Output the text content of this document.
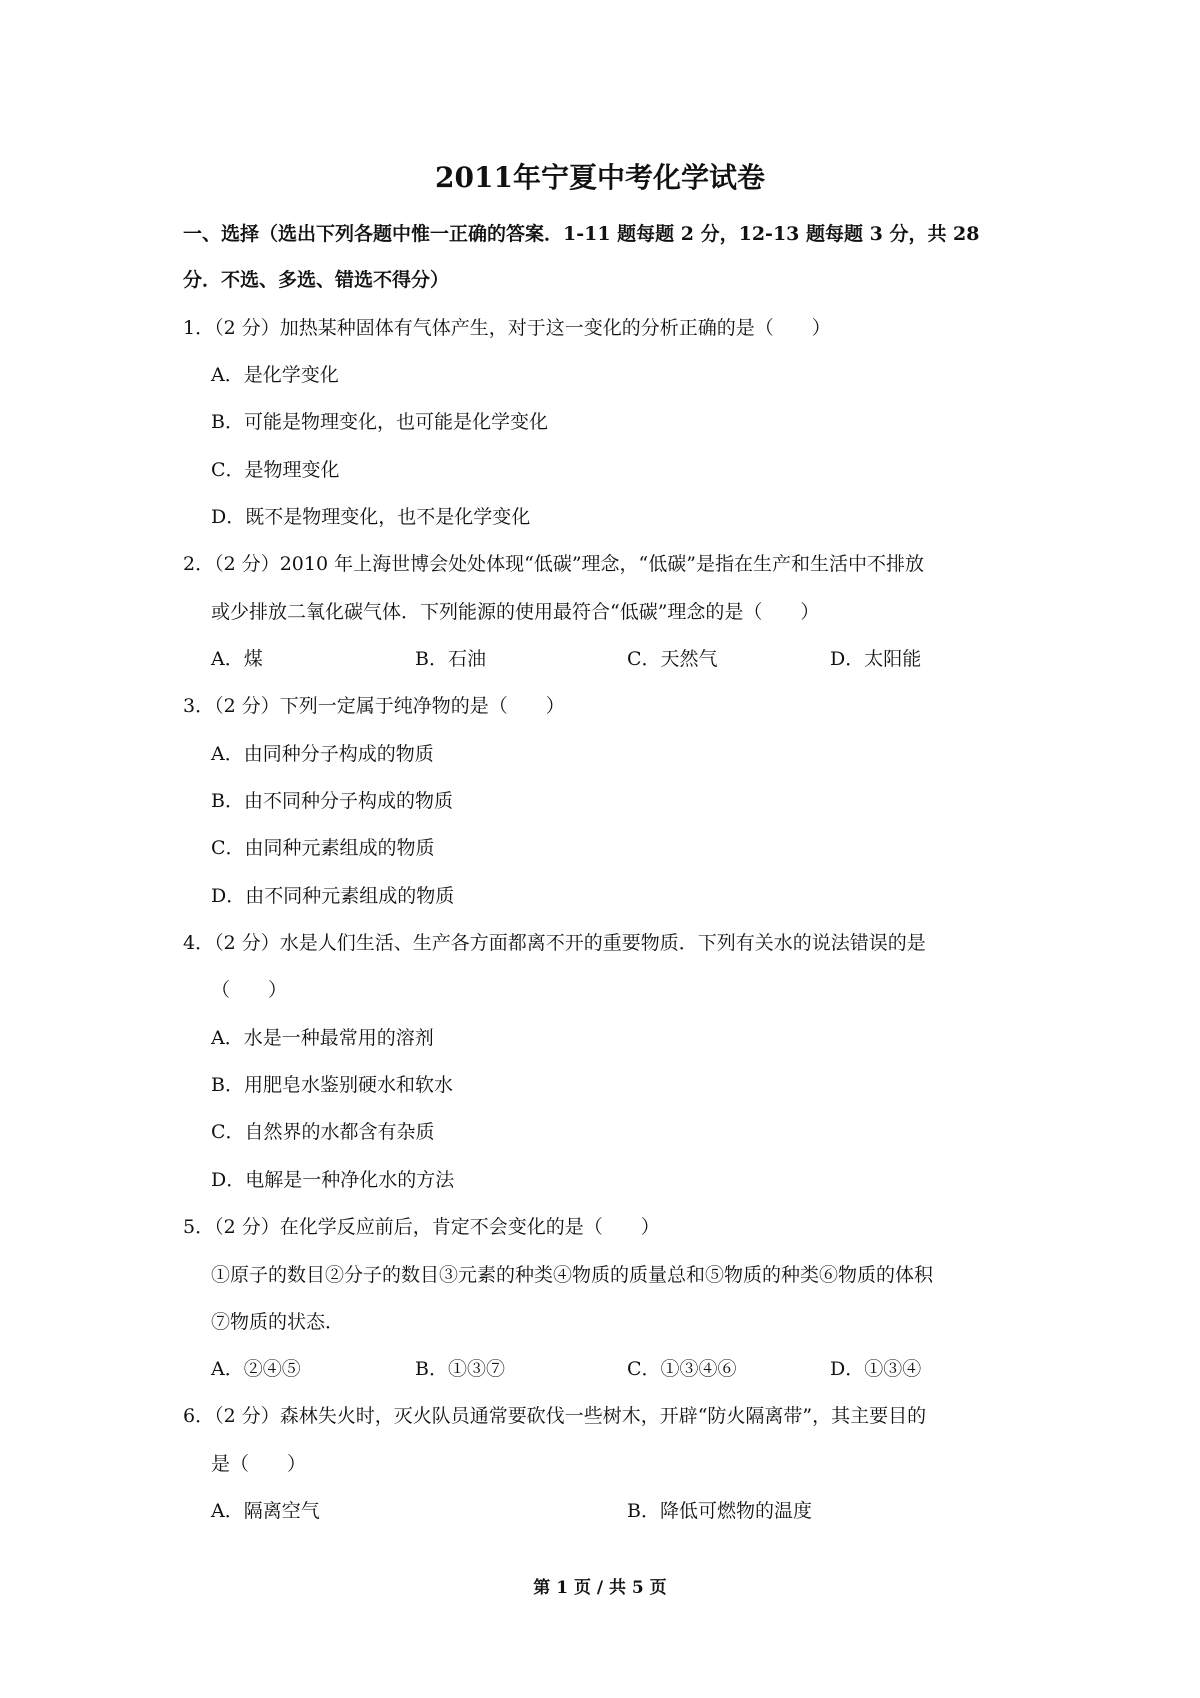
2011年宁夏中考化学试卷
一、选择（选出下列各题中惟一正确的答案．1-11 题每题 2 分，12-13 题每题 3 分，共 28
分．不选、多选、错选不得分）
1．（2 分）加热某种固体有气体产生，对于这一变化的分析正确的是（　　）
A．是化学变化
B．可能是物理变化，也可能是化学变化
C．是物理变化
D．既不是物理变化，也不是化学变化
2．（2 分）2010 年上海世博会处处体现“低碳”理念，“低碳”是指在生产和生活中不排放
或少排放二氧化碳气体．下列能源的使用最符合“低碳”理念的是（　　）
A．煤	B．石油	C．天然气	D．太阳能
3．（2 分）下列一定属于纯净物的是（　　）
A．由同种分子构成的物质
B．由不同种分子构成的物质
C．由同种元素组成的物质
D．由不同种元素组成的物质
4．（2 分）水是人们生活、生产各方面都离不开的重要物质．下列有关水的说法错误的是
（　　）
A．水是一种最常用的溶剂
B．用肥皂水鉴别硬水和软水
C．自然界的水都含有杂质
D．电解是一种净化水的方法
5．（2 分）在化学反应前后，肯定不会变化的是（　　）
①原子的数目②分子的数目③元素的种类④物质的质量总和⑤物质的种类⑥物质的体积
⑦物质的状态．
A．②④⑤	B．①③⑦	C．①③④⑥	D．①③④
6．（2 分）森林失火时，灭火队员通常要砍伐一些树木，开辟“防火隔离带”，其主要目的
是（　　）
A．隔离空气	B．降低可燃物的温度
第 1 页 / 共 5 页
